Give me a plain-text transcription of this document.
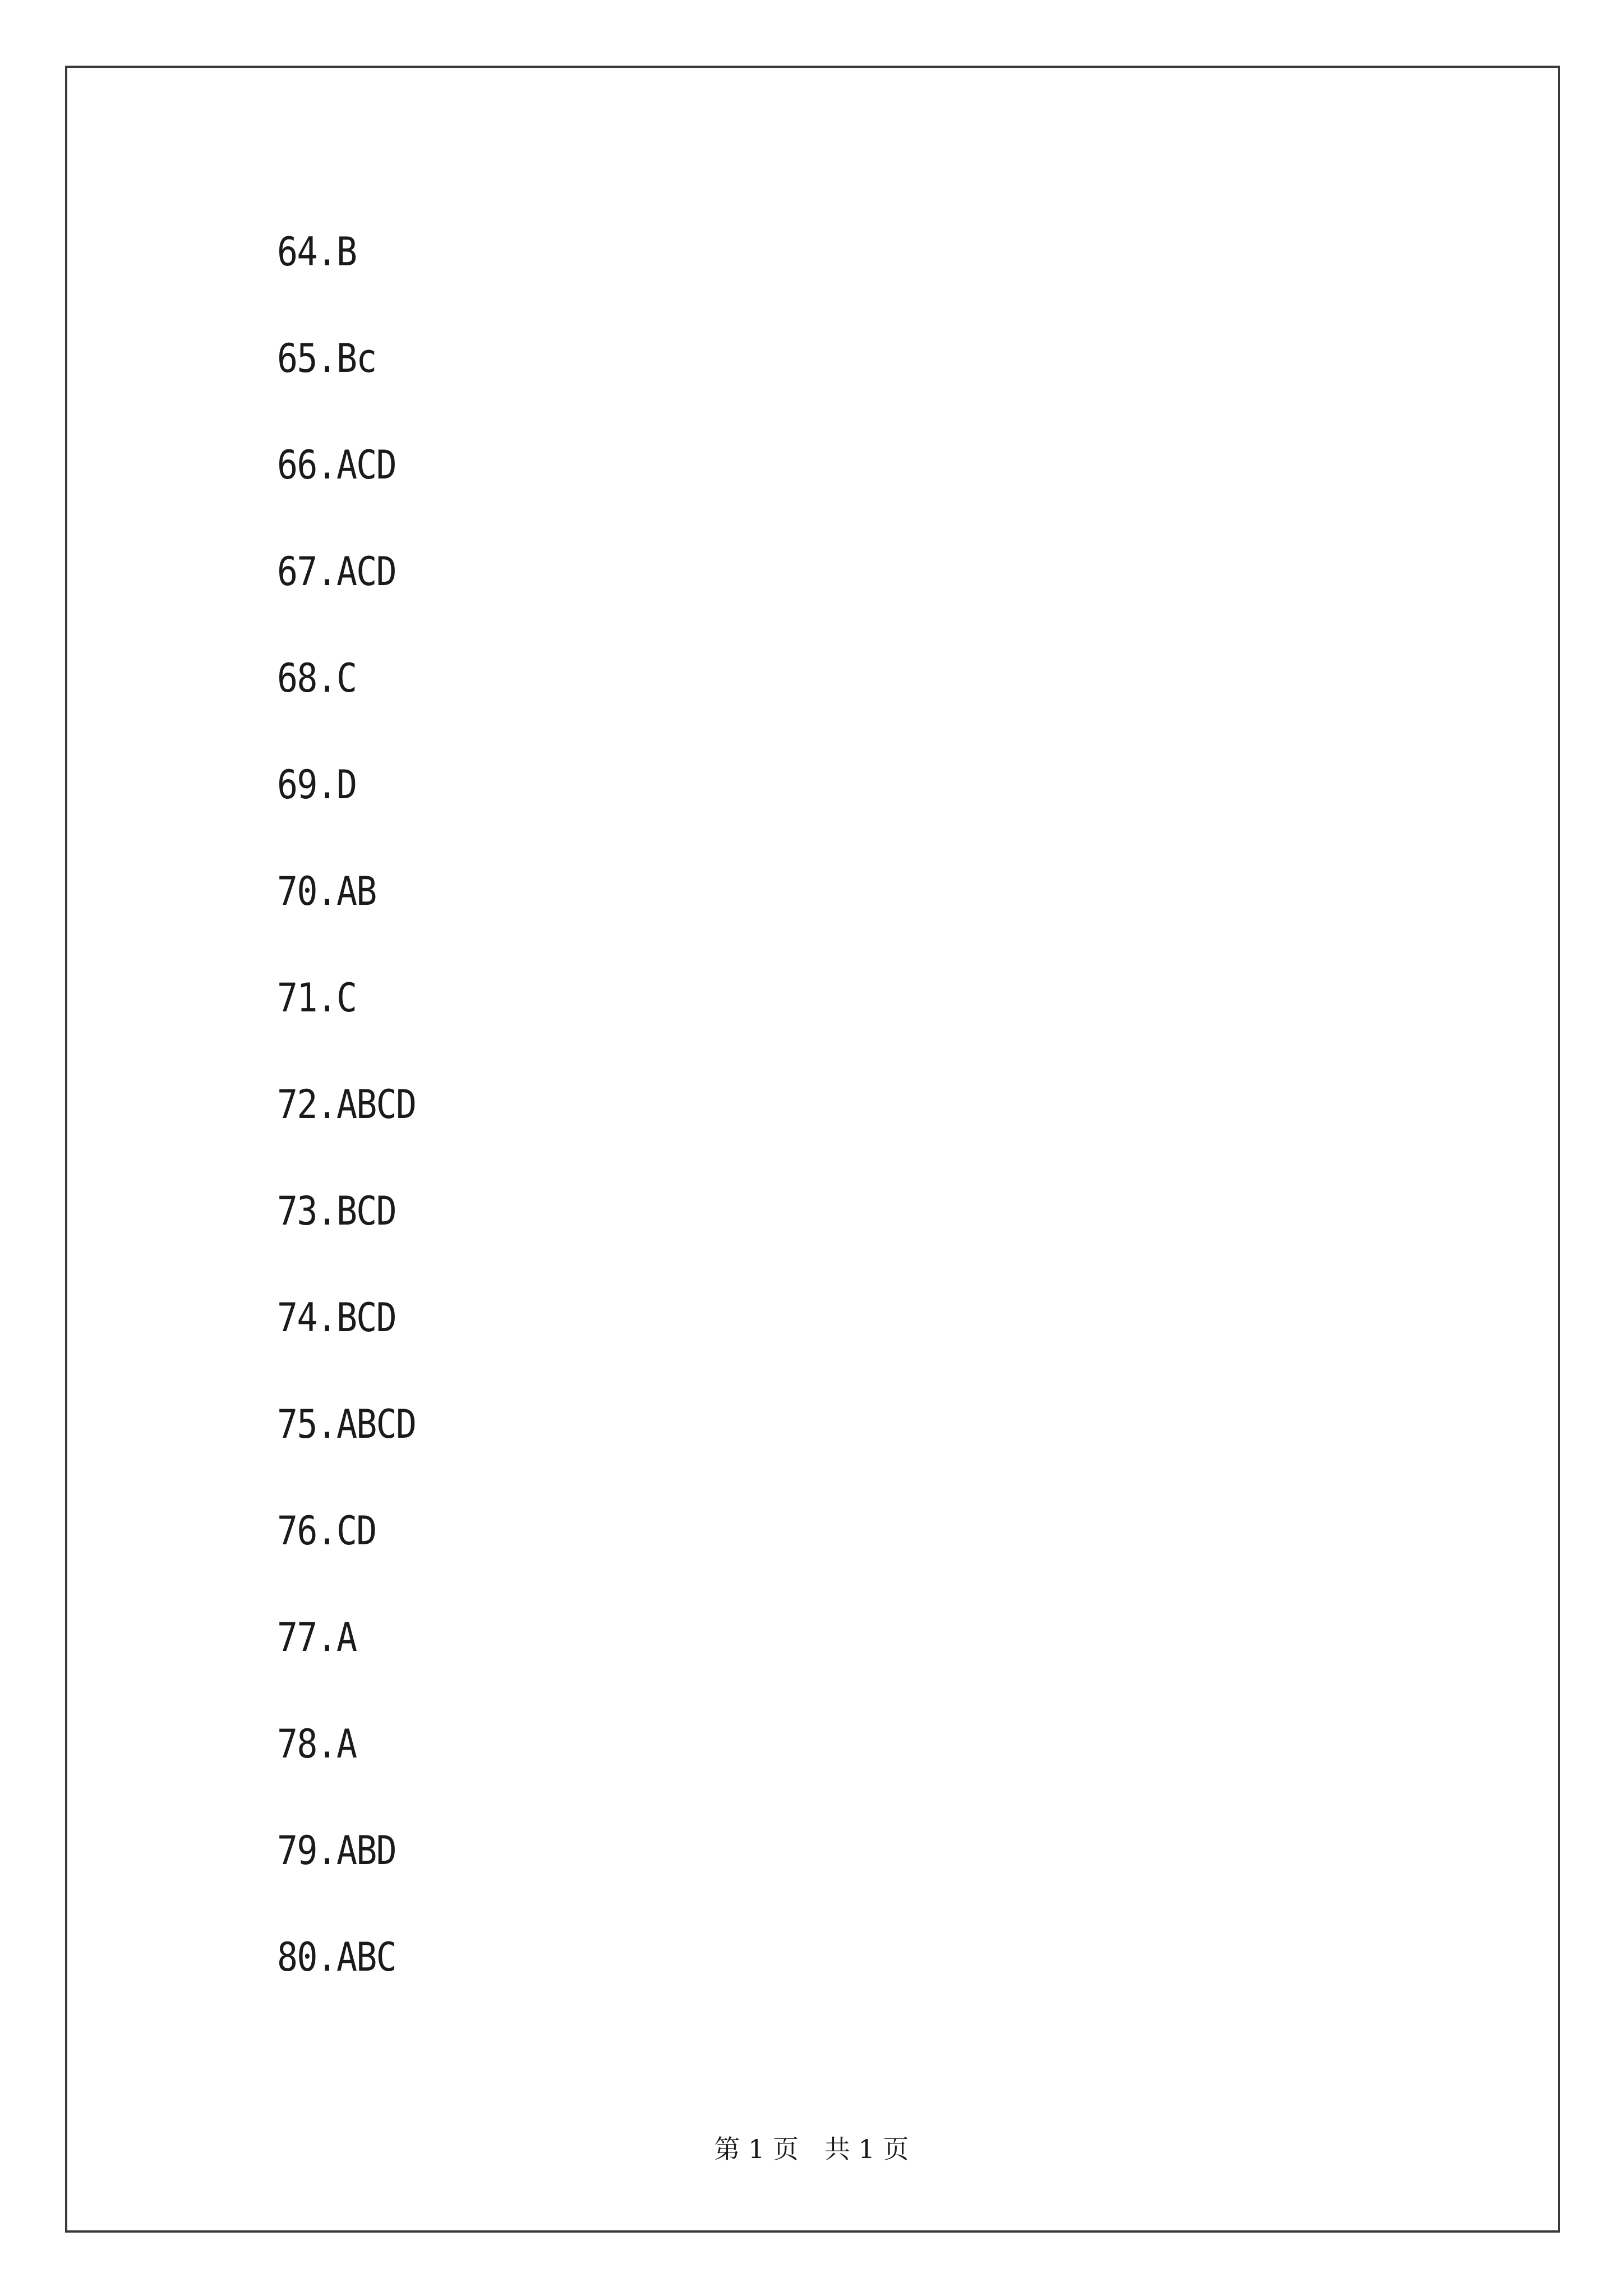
64.B
65.Bc
66.ACD
67.ACD
68.C
69.D
70.AB
71.C
72.ABCD
73.BCD
74.BCD
75.ABCD
76.CD
77.A
78.A
79.ABD
80.ABC
第 1 页　共 1 页
